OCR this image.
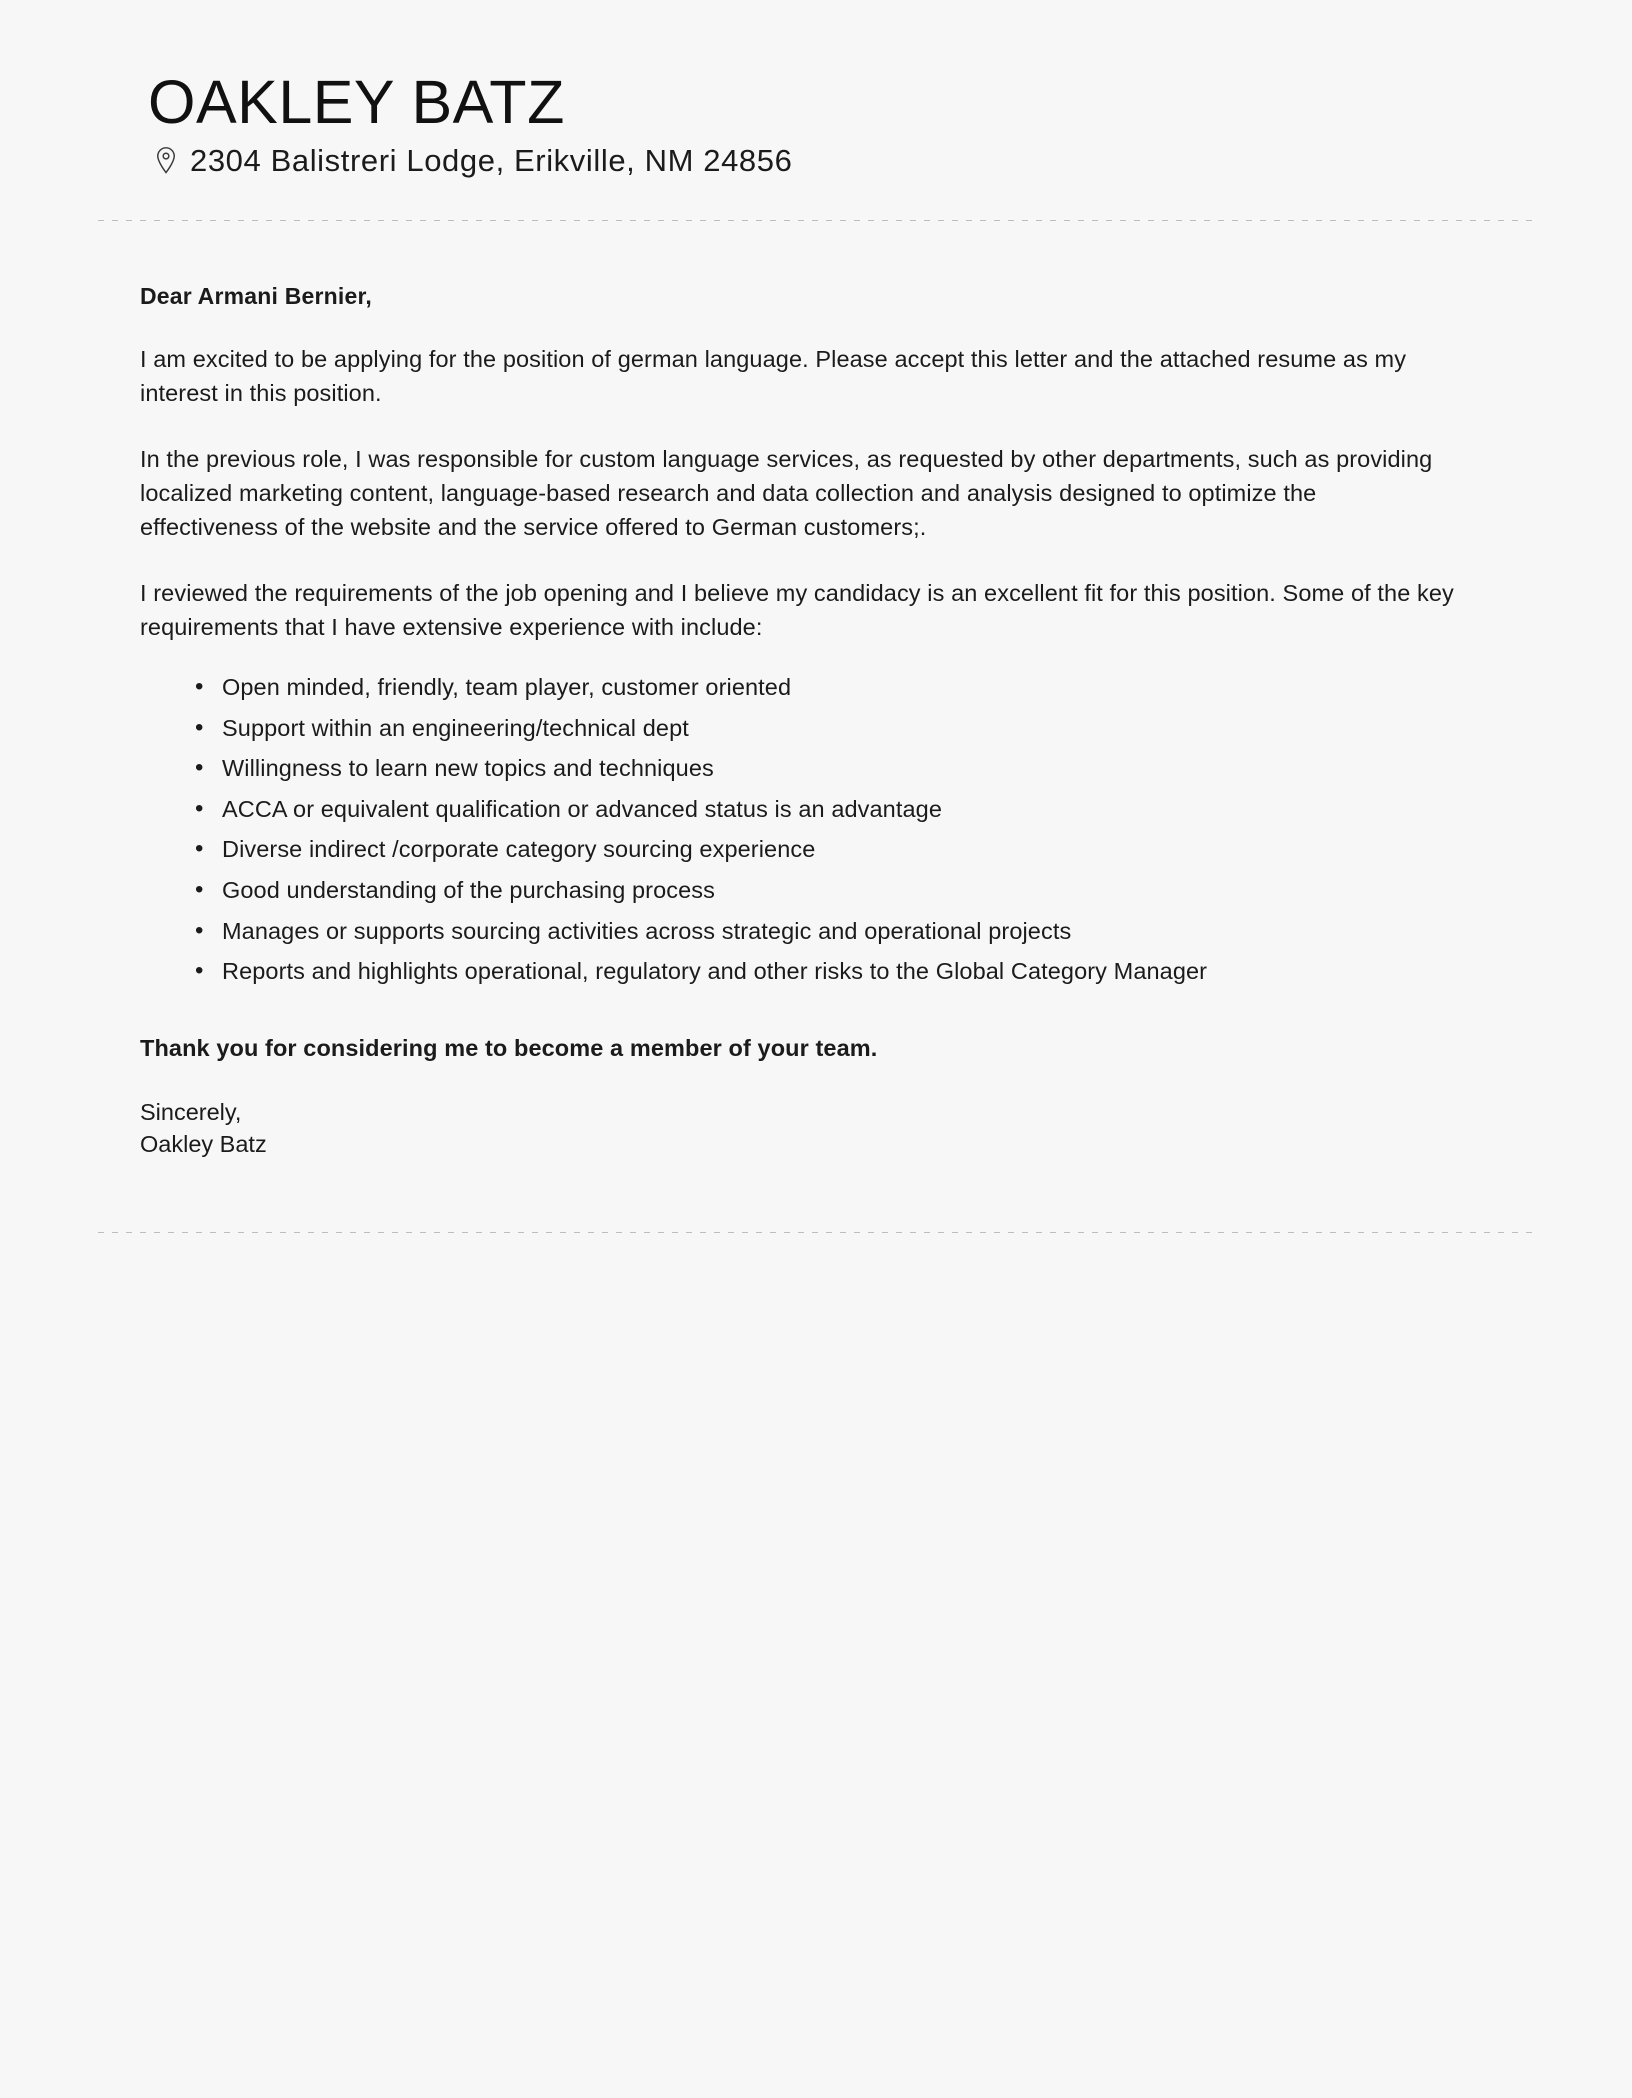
OAKLEY BATZ
2304 Balistreri Lodge, Erikville, NM 24856

Dear Armani Bernier,

I am excited to be applying for the position of german language. Please accept this letter and the attached resume as my interest in this position.

In the previous role, I was responsible for custom language services, as requested by other departments, such as providing localized marketing content, language-based research and data collection and analysis designed to optimize the effectiveness of the website and the service offered to German customers;.

I reviewed the requirements of the job opening and I believe my candidacy is an excellent fit for this position. Some of the key requirements that I have extensive experience with include:

• Open minded, friendly, team player, customer oriented
• Support within an engineering/technical dept
• Willingness to learn new topics and techniques
• ACCA or equivalent qualification or advanced status is an advantage
• Diverse indirect /corporate category sourcing experience
• Good understanding of the purchasing process
• Manages or supports sourcing activities across strategic and operational projects
• Reports and highlights operational, regulatory and other risks to the Global Category Manager

Thank you for considering me to become a member of your team.

Sincerely,
Oakley Batz
